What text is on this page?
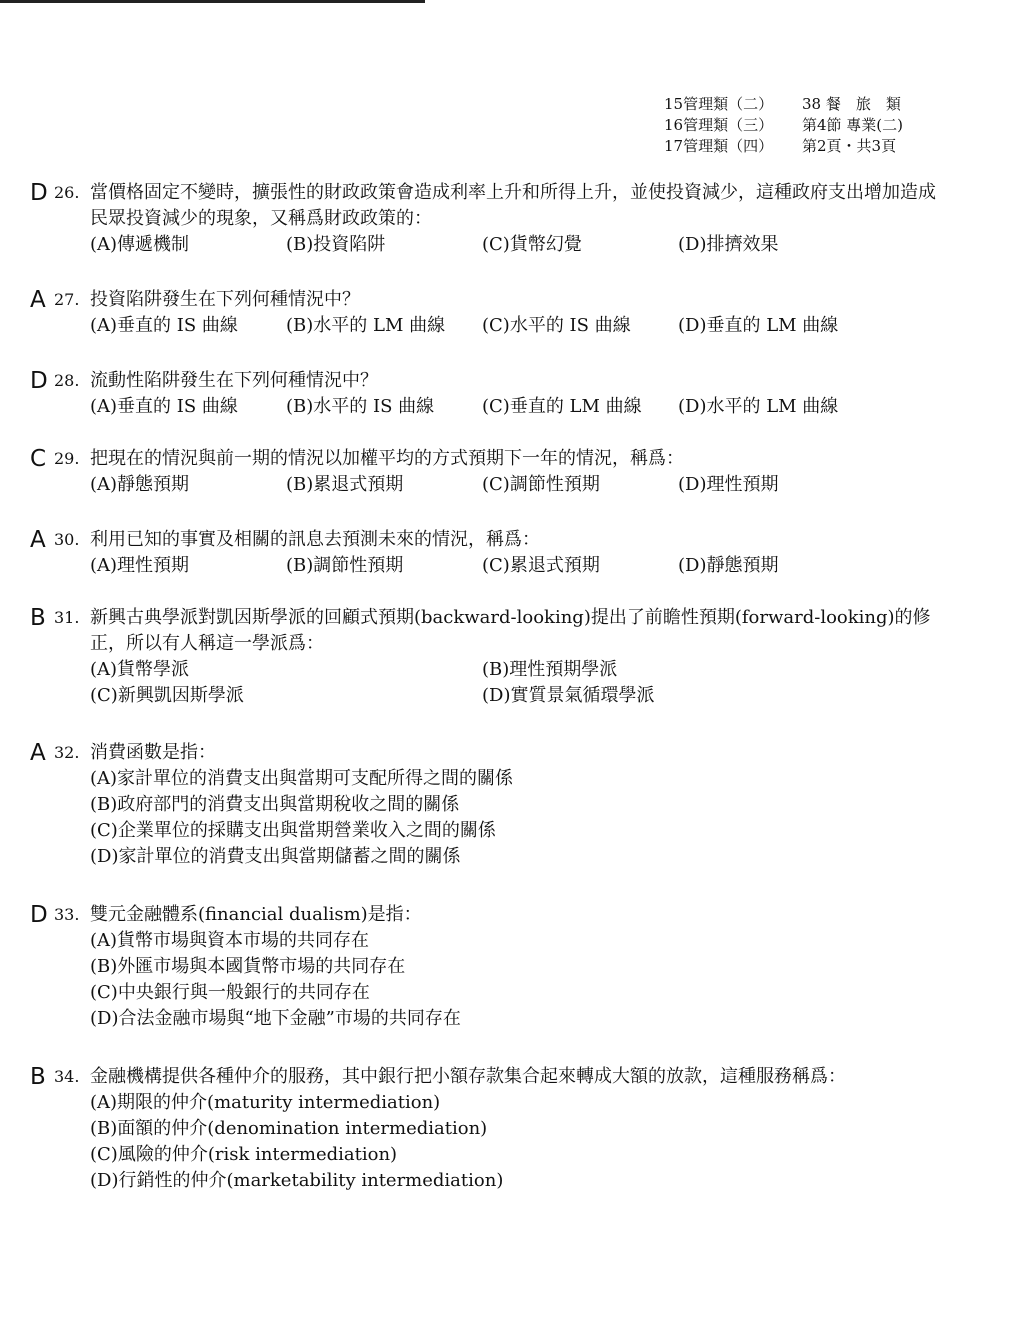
15管理類（二）	38 餐　旅　類
16管理類（三）	第4節 專業(二)
17管理類（四）	第2頁・共3頁
D 26. 當價格固定不變時，擴張性的財政政策會造成利率上升和所得上升，並使投資減少，這種政府支出增加造成民眾投資減少的現象，又稱爲財政政策的：
(A)傳遞機制	(B)投資陷阱	(C)貨幣幻覺	(D)排擠效果
A 27. 投資陷阱發生在下列何種情況中？
(A)垂直的 IS 曲線	(B)水平的 LM 曲線	(C)水平的 IS 曲線	(D)垂直的 LM 曲線
D 28. 流動性陷阱發生在下列何種情況中？
(A)垂直的 IS 曲線	(B)水平的 IS 曲線	(C)垂直的 LM 曲線	(D)水平的 LM 曲線
C 29. 把現在的情況與前一期的情況以加權平均的方式預期下一年的情況，稱爲：
(A)靜態預期	(B)累退式預期	(C)調節性預期	(D)理性預期
A 30. 利用已知的事實及相關的訊息去預測未來的情況，稱爲：
(A)理性預期	(B)調節性預期	(C)累退式預期	(D)靜態預期
B 31. 新興古典學派對凱因斯學派的回顧式預期(backward-looking)提出了前瞻性預期(forward-looking)的修正，所以有人稱這一學派爲：
(A)貨幣學派	(B)理性預期學派
(C)新興凱因斯學派	(D)實質景氣循環學派
A 32. 消費函數是指：
(A)家計單位的消費支出與當期可支配所得之間的關係
(B)政府部門的消費支出與當期稅收之間的關係
(C)企業單位的採購支出與當期營業收入之間的關係
(D)家計單位的消費支出與當期儲蓄之間的關係
D 33. 雙元金融體系(financial dualism)是指：
(A)貨幣市場與資本市場的共同存在
(B)外匯市場與本國貨幣市場的共同存在
(C)中央銀行與一般銀行的共同存在
(D)合法金融市場與“地下金融”市場的共同存在
B 34. 金融機構提供各種仲介的服務，其中銀行把小額存款集合起來轉成大額的放款，這種服務稱爲：
(A)期限的仲介(maturity intermediation)
(B)面額的仲介(denomination intermediation)
(C)風險的仲介(risk intermediation)
(D)行銷性的仲介(marketability intermediation)
